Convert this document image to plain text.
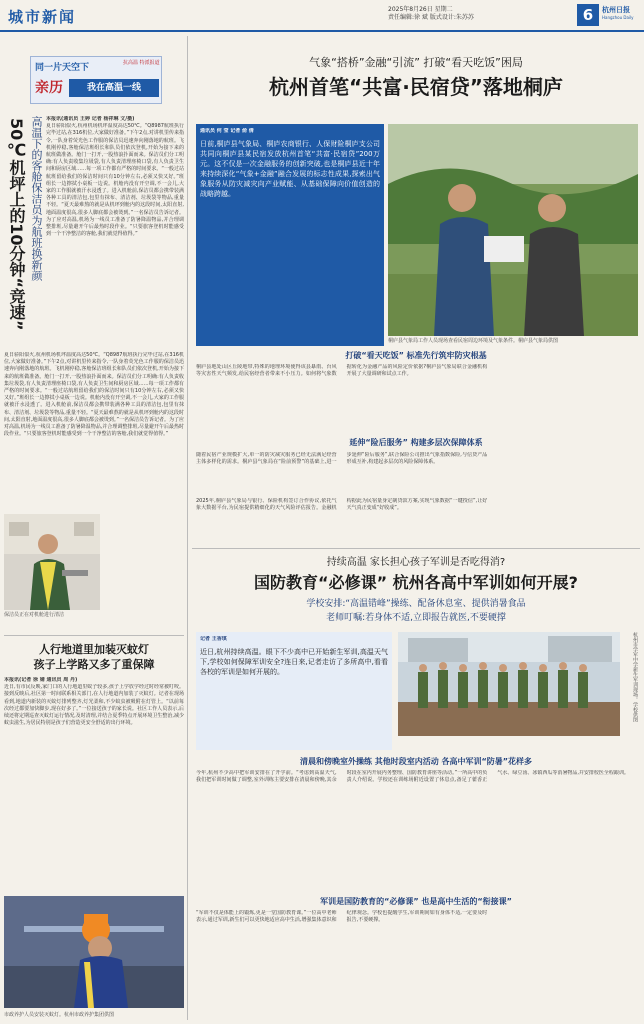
城市新闻	2025年8月26日 星期二
责任编辑:徐 斌 版式设计:朱苏苏	6	杭州日报
Hangzhou Daily
同一片天空下	抗高温 特派报道
亲历	我在高温一线
50℃机坪上的10分钟“竞速” 高温下的客舱保洁员为航班换新颜 本报讯(通讯员 王婷 记者 杨祥琳 文/摄)
夏日骄阳似火,杭州机场机坪温度高达50℃。“Q8987航班执行完毕过站,在316机位,大家做好准备。”下午2点,对讲机里传来指令,一队身着荧光色工作服的保洁员迅速奔向刚落地的航班。飞机刚停稳,客舱保洁班组长和队员们依次登机,开始为接下来的航班做准备。舱门一打开,一股热浪扑面而来。保洁员们分工明确:有人负责收集垃圾袋,有人负责清理座椅口袋,有人负责卫生间和厨房区域……每一项工作都有严格的时间要求。“一般过站航班留给我们的保洁时间只有10分钟左右,必须又快又好。”班组长一边擦拭小桌板一边说。机舱内没有开空调,不一会儿,大家的工作服就被汗水浸透了。进入机舱前,保洁员都会携带装满各种工具的清洁包,包里有抹布、清洁剂、垃圾袋等物品,重量不轻。“夏天最难熬的就是从机坪到舱内的这段时间,太阳直射,地面温度很高,很多人脚底都会被烫到。”一名保洁员告诉记者。为了应对高温,机场为一线员工准备了防暑降温物品,并合理调整排班,尽量避开午后最热时段作业。“只要旅客登机时能感受到一个干净整洁的客舱,我们就觉得值得。”
夏日骄阳似火,杭州机场机坪温度高达50℃。“Q8987航班执行完毕过站,在316机位,大家做好准备。”下午2点,对讲机里传来指令,一队身着荧光色工作服的保洁员迅速奔向刚落地的航班。飞机刚停稳,客舱保洁班组长和队员们依次登机,开始为接下来的航班做准备。舱门一打开,一股热浪扑面而来。保洁员们分工明确:有人负责收集垃圾袋,有人负责清理座椅口袋,有人负责卫生间和厨房区域……每一项工作都有严格的时间要求。“一般过站航班留给我们的保洁时间只有10分钟左右,必须又快又好。”班组长一边擦拭小桌板一边说。机舱内没有开空调,不一会儿,大家的工作服就被汗水浸透了。进入机舱前,保洁员都会携带装满各种工具的清洁包,包里有抹布、清洁剂、垃圾袋等物品,重量不轻。“夏天最难熬的就是从机坪到舱内的这段时间,太阳直射,地面温度很高,很多人脚底都会被烫到。”一名保洁员告诉记者。为了应对高温,机场为一线员工准备了防暑降温物品,并合理调整排班,尽量避开午后最热时段作业。“只要旅客登机时能感受到一个干净整洁的客舱,我们就觉得值得。”
保洁员正在对机舱进行清洁
人行地道里加装灭蚊灯
孩子上学路又多了重保障
本报讯(记者 徐 婧 通讯员 周 丹)
近日,有市民反映,家门口的人行地道里蚊子较多,孩子上学放学经过时经常被叮咬。接到反映后,社区第一时间联系相关部门,在人行地道内加装了灭蚊灯。记者在现场看到,地道内新装的灭蚊灯排列整齐,灯光柔和,不少蚊虫被吸附在灯管上。“以前每次经过都要加快脚步,现在好多了。”一位接送孩子的家长说。社区工作人员表示,后续还将定期巡查灭蚊灯运行情况,及时清理,并结合夏季特点开展环境卫生整治,减少蚊虫滋生,为居民特别是孩子们营造更安全舒适的出行环境。
市政养护人员安装灭蚊灯。杭州市政养护集团供图
气象“搭桥”金融“引流” 打破“看天吃饭”困局
杭州首笔“共富·民宿贷”落地桐庐
通讯员 何 莹 记者 俞 倩
日前,桐庐县气象局、桐庐农商银行、人保财险桐庐支公司共同向桐庐县某民宿发放杭州首笔“共富·民宿贷”200万元。这不仅是一次金融服务的创新突破,也是桐庐县近十年来持续深化“气象+金融”融合发展的标志性成果,探索出气象服务从防灾减灾向产业赋能、从基础保障向价值创造的战略跨越。
桐庐县气象局工作人员现场查看民宿周边环境及气象条件。桐庐县气象局供图
打破“看天吃饭” 标准先行筑牢防灾根基
桐庐县地处山区丘陵地带,特殊的地理环境使得该县暴雨、台风等灾害性天气频发,给民宿经营者带来不小压力。如何将气象数据转化为金融产品的风险定价依据?桐庐县气象局联合金融机构开展了大量调研和试点工作。
延伸“险后服务” 构建多层次保障体系
随着民宿产业规模扩大,单一的防灾减灾服务已经无法满足经营主体多样化的需求。桐庐县气象局在“险前预警”的基础上,进一步延伸“险后服务”,联合保险公司推出气象指数保险,与信贷产品形成互补,构建起多层次的风险保障体系。
2025年,桐庐县气象局与银行、保险机构签订合作协议,依托气象大数据平台,为民宿提供精细化的天气风险评估报告。金融机构据此为民宿量身定制贷款方案,实现气象数据“一键授信”,让好天气真正变成“好收成”。
持续高温 家长担心孩子军训是否吃得消?
国防教育“必修课” 杭州各高中军训如何开展?
学校安排:“高温错峰”操练、配备休息室、提供消暑食品
老师叮嘱:若身体不适,立即报告就医,不要硬撑
记者 王香琪
近日,杭州持续高温。眼下不少高中已开始新生军训,高温天气下,学校如何保障军训安全?连日来,记者走访了多所高中,看看各校的军训是如何开展的。	杭州市学军中学新生军训现场。学校供图
清晨和傍晚室外操练 其他时段室内活动 各高中军训“防暑”花样多
今年,杭州不少高中把军训安排在了开学前。“考虑到高温天气,我们把军训时间做了调整,室外训练主要安排在清晨和傍晚,其余时段在室内开展内务整理、国防教育讲座等活动。”一所高中的负责人介绍说。学校还在训练场附近设置了休息点,备足了藿香正气水、绿豆汤、冰镇西瓜等消暑物品,并安排校医全程跟训。
军训是国防教育的“必修课” 也是高中生活的“衔接课”
“军训不仅是体能上的锻炼,更是一堂国防教育课。”一位高中老师表示,通过军训,新生们可以更快地适应高中生活,增强集体意识和纪律观念。学校也提醒学生,军训期间如有身体不适,一定要及时报告,不要硬撑。
